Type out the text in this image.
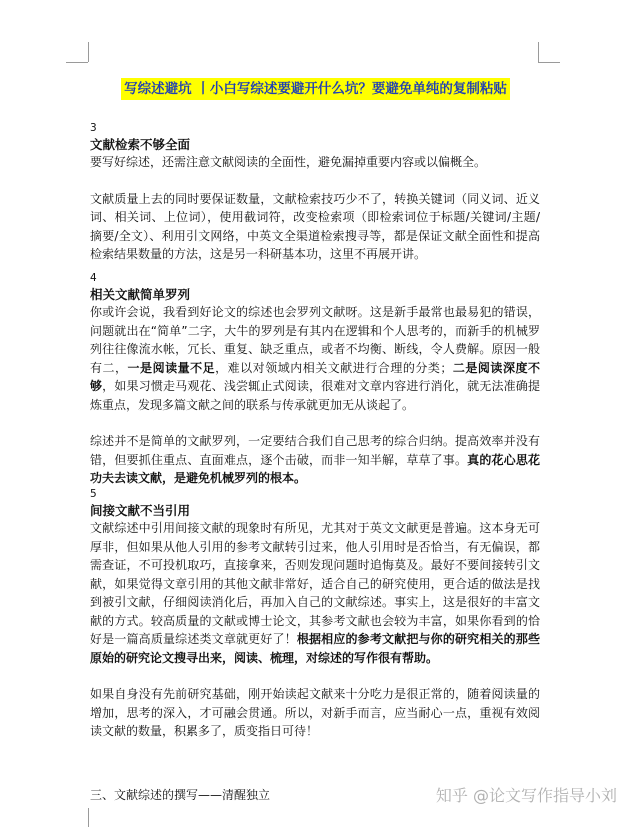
写综述避坑 丨小白写综述要避开什么坑？要避免单纯的复制粘贴
3
文献检索不够全面

要写好综述，还需注意文献阅读的全面性，避免漏掉重要内容或以偏概全。

文献质量上去的同时要保证数量，文献检索技巧少不了，转换关键词（同义词、近义词、相关词、上位词），使用截词符，改变检索项（即检索词位于标题/关键词/主题/摘要/全文）、利用引文网络，中英文全渠道检索搜寻等，都是保证文献全面性和提高检索结果数量的方法，这是另一科研基本功，这里不再展开讲。

4
相关文献简单罗列

你或许会说，我看到好论文的综述也会罗列文献呀。这是新手最常也最易犯的错误，问题就出在“简单”二字，大牛的罗列是有其内在逻辑和个人思考的，而新手的机械罗列往往像流水帐，冗长、重复、缺乏重点，或者不均衡、断线，令人费解。原因一般有二，一是阅读量不足，难以对领域内相关文献进行合理的分类；二是阅读深度不够，如果习惯走马观花、浅尝辄止式阅读，很难对文章内容进行消化，就无法准确提炼重点，发现多篇文献之间的联系与传承就更加无从谈起了。

综述并不是简单的文献罗列，一定要结合我们自己思考的综合归纳。提高效率并没有错，但要抓住重点、直面难点，逐个击破，而非一知半解，草草了事。真的花心思花功夫去读文献，是避免机械罗列的根本。

5
间接文献不当引用

文献综述中引用间接文献的现象时有所见，尤其对于英文文献更是普遍。这本身无可厚非，但如果从他人引用的参考文献转引过来，他人引用时是否恰当，有无偏误，都需查证，不可投机取巧，直接拿来，否则发现问题时追悔莫及。最好不要间接转引文献，如果觉得文章引用的其他文献非常好，适合自己的研究使用，更合适的做法是找到被引文献，仔细阅读消化后，再加入自己的文献综述。事实上，这是很好的丰富文献的方式。较高质量的文献或博士论文，其参考文献也会较为丰富，如果你看到的恰好是一篇高质量综述类文章就更好了！根据相应的参考文献把与你的研究相关的那些原始的研究论文搜寻出来，阅读、梳理，对综述的写作很有帮助。

如果自身没有先前研究基础，刚开始读起文献来十分吃力是很正常的，随着阅读量的增加，思考的深入，才可融会贯通。所以，对新手而言，应当耐心一点，重视有效阅读文献的数量，积累多了，质变指日可待！

三、文献综述的撰写——清醒独立	知乎 @论文写作指导小刘
